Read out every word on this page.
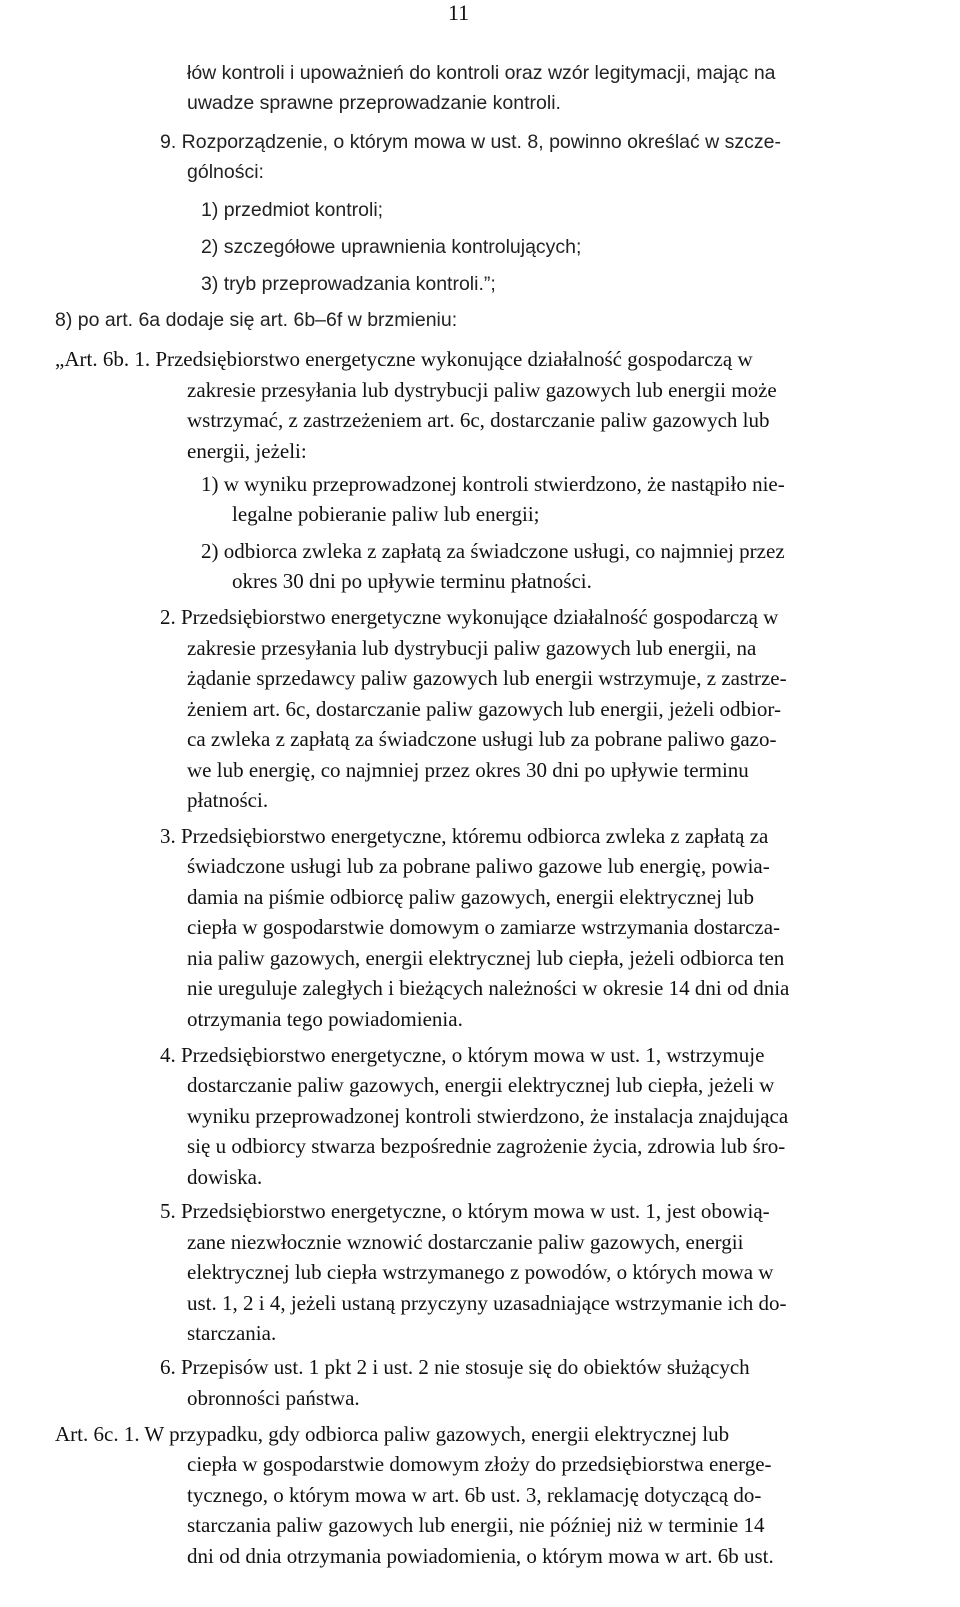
11
łów kontroli i upoważnień do kontroli oraz wzór legitymacji, mając na
uwadze sprawne przeprowadzanie kontroli.
9. Rozporządzenie, o którym mowa w ust. 8, powinno określać w szcze-
gólności:
1) przedmiot kontroli;
2) szczegółowe uprawnienia kontrolujących;
3) tryb przeprowadzania kontroli.”;
8) po art. 6a dodaje się art. 6b–6f w brzmieniu:
„Art. 6b. 1. Przedsiębiorstwo energetyczne wykonujące działalność gospodarczą w
zakresie przesyłania lub dystrybucji paliw gazowych lub energii może
wstrzymać, z zastrzeżeniem art. 6c, dostarczanie paliw gazowych lub
energii, jeżeli:
1) w wyniku przeprowadzonej kontroli stwierdzono, że nastąpiło nie-
legalne pobieranie paliw lub energii;
2) odbiorca zwleka z zapłatą za świadczone usługi, co najmniej przez
okres 30 dni po upływie terminu płatności.
2. Przedsiębiorstwo energetyczne wykonujące działalność gospodarczą w
zakresie przesyłania lub dystrybucji paliw gazowych lub energii, na
żądanie sprzedawcy paliw gazowych lub energii wstrzymuje, z zastrze-
żeniem art. 6c, dostarczanie paliw gazowych lub energii, jeżeli odbior-
ca zwleka z zapłatą za świadczone usługi lub za pobrane paliwo gazo-
we lub energię, co najmniej przez okres 30 dni po upływie terminu
płatności.
3. Przedsiębiorstwo energetyczne, któremu odbiorca zwleka z zapłatą za
świadczone usługi lub za pobrane paliwo gazowe lub energię, powia-
damia na piśmie odbiorcę paliw gazowych, energii elektrycznej lub
ciepła w gospodarstwie domowym o zamiarze wstrzymania dostarcza-
nia paliw gazowych, energii elektrycznej lub ciepła, jeżeli odbiorca ten
nie ureguluje zaległych i bieżących należności w okresie 14 dni od dnia
otrzymania tego powiadomienia.
4. Przedsiębiorstwo energetyczne, o którym mowa w ust. 1, wstrzymuje
dostarczanie paliw gazowych, energii elektrycznej lub ciepła, jeżeli w
wyniku przeprowadzonej kontroli stwierdzono, że instalacja znajdująca
się u odbiorcy stwarza bezpośrednie zagrożenie życia, zdrowia lub śro-
dowiska.
5. Przedsiębiorstwo energetyczne, o którym mowa w ust. 1, jest obowią-
zane niezwłocznie wznowić dostarczanie paliw gazowych, energii
elektrycznej lub ciepła wstrzymanego z powodów, o których mowa w
ust. 1, 2 i 4, jeżeli ustaną przyczyny uzasadniające wstrzymanie ich do-
starczania.
6. Przepisów ust. 1 pkt 2 i ust. 2 nie stosuje się do obiektów służących
obronności państwa.
Art. 6c. 1. W przypadku, gdy odbiorca paliw gazowych, energii elektrycznej lub
ciepła w gospodarstwie domowym złoży do przedsiębiorstwa energe-
tycznego, o którym mowa w art. 6b ust. 3, reklamację dotyczącą do-
starczania paliw gazowych lub energii, nie później niż w terminie 14
dni od dnia otrzymania powiadomienia, o którym mowa w art. 6b ust.
